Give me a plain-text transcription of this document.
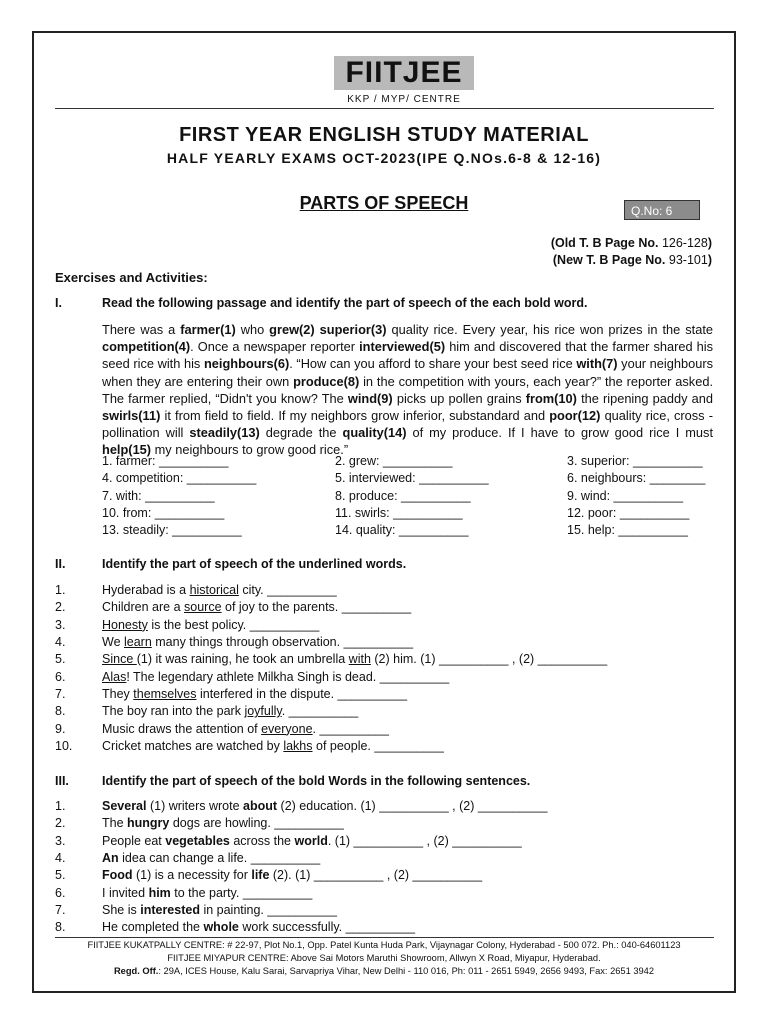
FIITJEE
KKP / MYP/ CENTRE
FIRST YEAR ENGLISH STUDY MATERIAL
HALF YEARLY EXAMS OCT-2023(IPE Q.NOs.6-8 & 12-16)
PARTS OF SPEECH	Q.No: 6
(Old T. B Page No. 126-128)
(New T. B Page No. 93-101)
Exercises and Activities:
I.	Read the following passage and identify the part of speech of the each bold word.
There was a farmer(1) who grew(2) superior(3) quality rice. Every year, his rice won prizes in the state competition(4). Once a newspaper reporter interviewed(5) him and discovered that the farmer shared his seed rice with his neighbours(6). “How can you afford to share your best seed rice with(7) your neighbours when they are entering their own produce(8) in the competition with yours, each year?” the reporter asked. The farmer replied, “Didn't you know? The wind(9) picks up pollen grains from(10) the ripening paddy and swirls(11) it from field to field. If my neighbors grow inferior, substandard and poor(12) quality rice, cross - pollination will steadily(13) degrade the quality(14) of my produce. If I have to grow good rice I must help(15) my neighbours to grow good rice.”
1. farmer: __________	2. grew: __________	3. superior: __________
4. competition: __________	5. interviewed: __________	6. neighbours: ________
7. with: __________	8. produce: __________	9. wind: __________
10. from: __________	11. swirls: __________	12. poor: __________
13. steadily: __________	14. quality: __________	15. help: __________
II.	Identify the part of speech of the underlined words.
1.	Hyderabad is a historical city. __________
2.	Children are a source of joy to the parents. __________
3.	Honesty is the best policy. __________
4.	We learn many things through observation. __________
5.	Since (1) it was raining, he took an umbrella with (2) him. (1) __________ , (2) __________
6.	Alas! The legendary athlete Milkha Singh is dead. __________
7.	They themselves interfered in the dispute. __________
8.	The boy ran into the park joyfully. __________
9.	Music draws the attention of everyone. __________
10. Cricket matches are watched by lakhs of people. __________
III.	Identify the part of speech of the bold Words in the following sentences.
1.	Several (1) writers wrote about (2) education. (1) __________ , (2) __________
2.	The hungry dogs are howling. __________
3.	People eat vegetables across the world. (1) __________ , (2) __________
4.	An idea can change a life. __________
5.	Food (1) is a necessity for life (2). (1) __________ , (2) __________
6.	I invited him to the party. __________
7.	She is interested in painting. __________
8.	He completed the whole work successfully. __________
FIITJEE KUKATPALLY CENTRE: # 22-97, Plot No.1, Opp. Patel Kunta Huda Park, Vijaynagar Colony, Hyderabad - 500 072. Ph.: 040-64601123
FIITJEE MIYAPUR CENTRE: Above Sai Motors Maruthi Showroom, Allwyn X Road, Miyapur, Hyderabad.
Regd. Off.: 29A, ICES House, Kalu Sarai, Sarvapriya Vihar, New Delhi - 110 016, Ph: 011 - 2651 5949, 2656 9493, Fax: 2651 3942
